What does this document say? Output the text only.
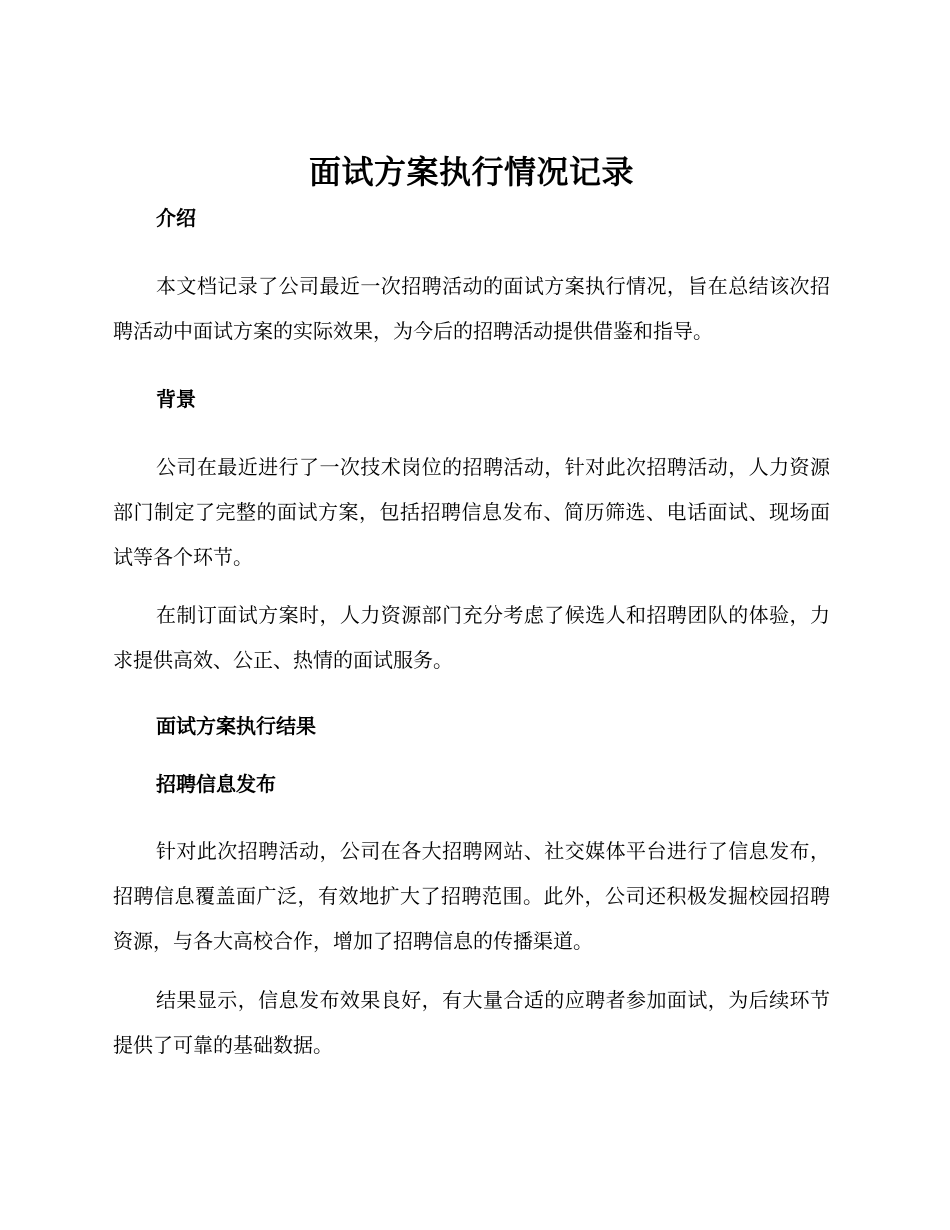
面试方案执行情况记录
介绍

本文档记录了公司最近一次招聘活动的面试方案执行情况，旨在总结该次招聘活动中面试方案的实际效果，为今后的招聘活动提供借鉴和指导。

背景

公司在最近进行了一次技术岗位的招聘活动，针对此次招聘活动，人力资源部门制定了完整的面试方案，包括招聘信息发布、简历筛选、电话面试、现场面试等各个环节。

在制订面试方案时，人力资源部门充分考虑了候选人和招聘团队的体验，力求提供高效、公正、热情的面试服务。

面试方案执行结果
招聘信息发布

针对此次招聘活动，公司在各大招聘网站、社交媒体平台进行了信息发布，招聘信息覆盖面广泛，有效地扩大了招聘范围。此外，公司还积极发掘校园招聘资源，与各大高校合作，增加了招聘信息的传播渠道。

结果显示，信息发布效果良好，有大量合适的应聘者参加面试，为后续环节提供了可靠的基础数据。
